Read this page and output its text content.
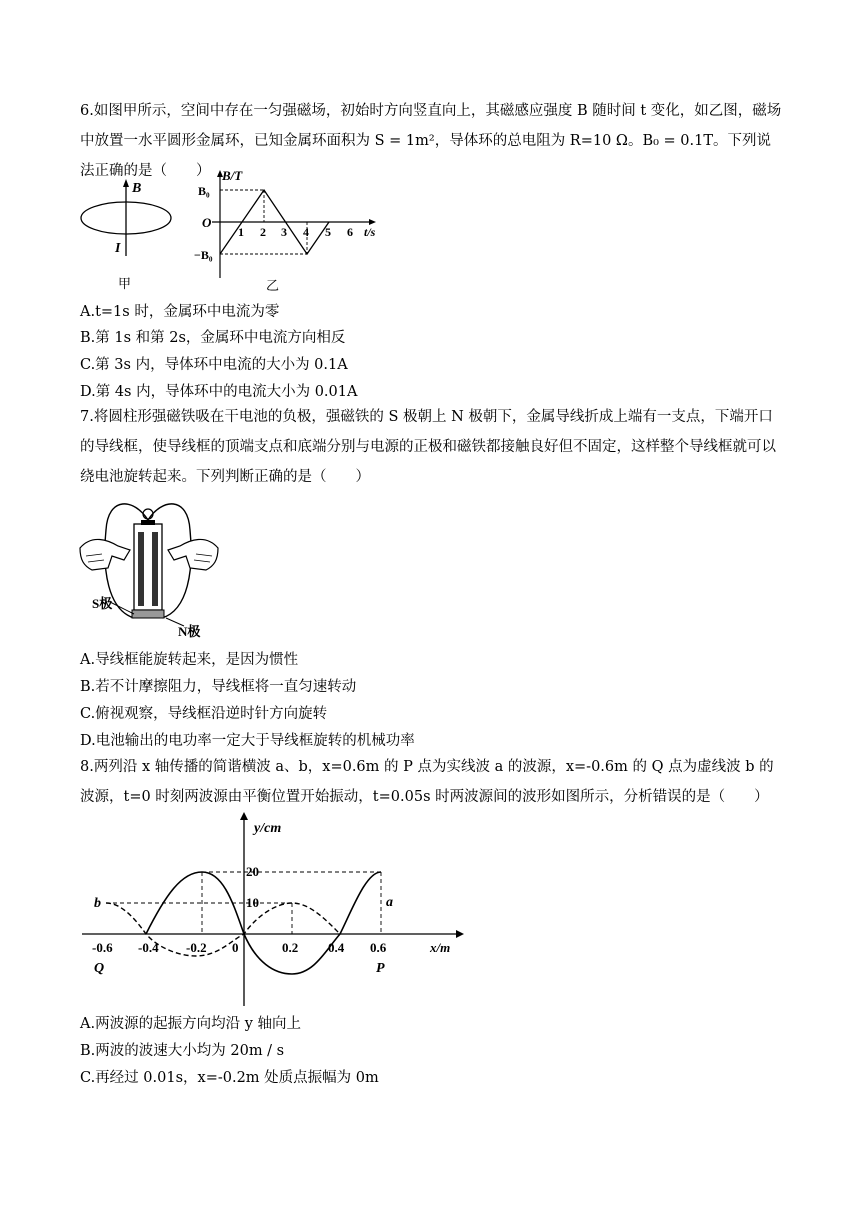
6.如图甲所示，空间中存在一匀强磁场，初始时方向竖直向上，其磁感应强度 B 随时间 t 变化，如乙图，磁场中放置一水平圆形金属环，已知金属环面积为 S = 1m²，导体环的总电阻为 R=10 Ω。B₀ = 0.1T。下列说法正确的是（　　）
B
I
甲
B/T
B₀
O
−B₀
1 2 3 4 5 6 t/s
乙
A.t=1s 时，金属环中电流为零
B.第 1s 和第 2s，金属环中电流方向相反
C.第 3s 内，导体环中电流的大小为 0.1A
D.第 4s 内，导体环中的电流大小为 0.01A
7.将圆柱形强磁铁吸在干电池的负极，强磁铁的 S 极朝上 N 极朝下，金属导线折成上端有一支点，下端开口的导线框，使导线框的顶端支点和底端分别与电源的正极和磁铁都接触良好但不固定，这样整个导线框就可以绕电池旋转起来。下列判断正确的是（　　）
S极
N极
A.导线框能旋转起来，是因为惯性
B.若不计摩擦阻力，导线框将一直匀速转动
C.俯视观察，导线框沿逆时针方向旋转
D.电池输出的电功率一定大于导线框旋转的机械功率
8.两列沿 x 轴传播的简谐横波 a、b，x=0.6m 的 P 点为实线波 a 的波源，x=-0.6m 的 Q 点为虚线波 b 的波源，t=0 时刻两波源由平衡位置开始振动，t=0.05s 时两波源间的波形如图所示，分析错误的是（　　）
y/cm
20
10
-0.6 -0.4 -0.2 0	0.2 0.4 0.6	x/m
a
b
P
Q
A.两波源的起振方向均沿 y 轴向上
B.两波的波速大小均为 20m / s
C.再经过 0.01s，x=-0.2m 处质点振幅为 0m
